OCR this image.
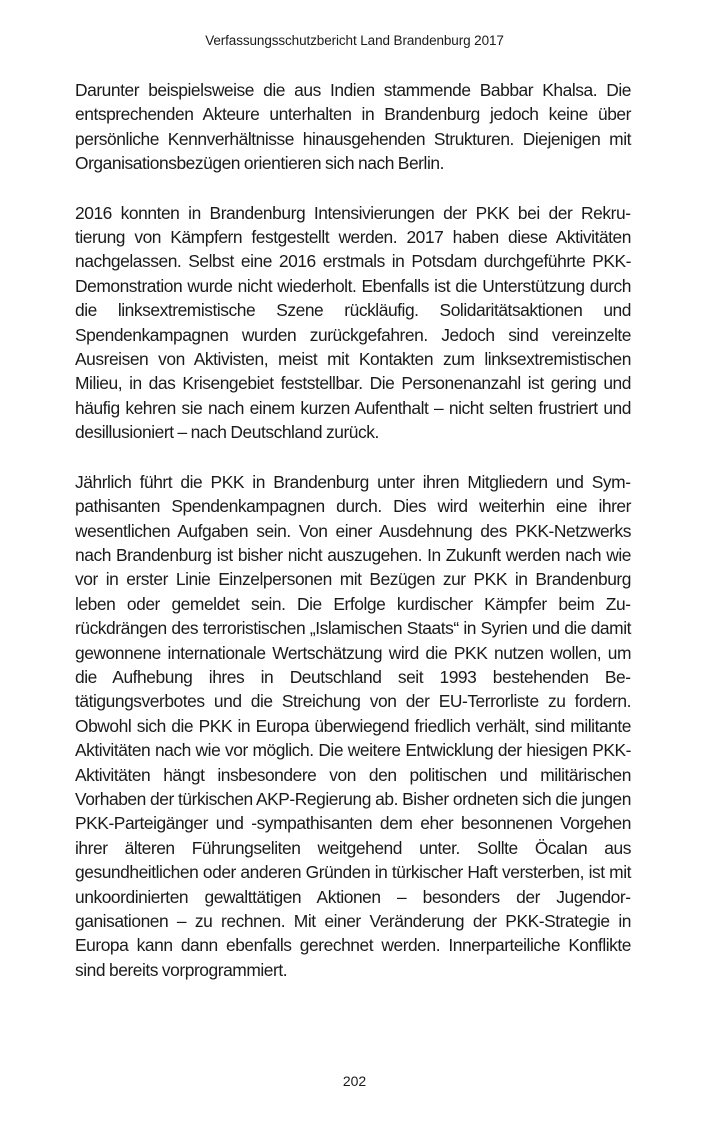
Verfassungsschutzbericht Land Brandenburg 2017

Darunter beispielsweise die aus Indien stammende Babbar Khalsa. Die entsprechenden Akteure unterhalten in Brandenburg jedoch keine über persönliche Kennverhältnisse hinausgehenden Strukturen. Diejenigen mit Organisationsbezügen orientieren sich nach Berlin.

2016 konnten in Brandenburg Intensivierungen der PKK bei der Rekrutierung von Kämpfern festgestellt werden. 2017 haben diese Aktivitäten nachgelassen. Selbst eine 2016 erstmals in Potsdam durchgeführte PKK-Demonstration wurde nicht wiederholt. Ebenfalls ist die Unterstützung durch die linksextremistische Szene rückläufig. Solidaritätsaktionen und Spendenkampagnen wurden zurückgefahren. Jedoch sind vereinzelte Ausreisen von Aktivisten, meist mit Kontakten zum linksextremistischen Milieu, in das Krisengebiet feststellbar. Die Personenanzahl ist gering und häufig kehren sie nach einem kurzen Aufenthalt – nicht selten frustriert und desillusioniert – nach Deutschland zurück.

Jährlich führt die PKK in Brandenburg unter ihren Mitgliedern und Sympathisanten Spendenkampagnen durch. Dies wird weiterhin eine ihrer wesentlichen Aufgaben sein. Von einer Ausdehnung des PKK-Netzwerks nach Brandenburg ist bisher nicht auszugehen. In Zukunft werden nach wie vor in erster Linie Einzelpersonen mit Bezügen zur PKK in Brandenburg leben oder gemeldet sein. Die Erfolge kurdischer Kämpfer beim Zurückdrängen des terroristischen „Islamischen Staats“ in Syrien und die damit gewonnene internationale Wertschätzung wird die PKK nutzen wollen, um die Aufhebung ihres in Deutschland seit 1993 bestehenden Betätigungsverbotes und die Streichung von der EU-Terrorliste zu fordern. Obwohl sich die PKK in Europa überwiegend friedlich verhält, sind militante Aktivitäten nach wie vor möglich. Die weitere Entwicklung der hiesigen PKK-Aktivitäten hängt insbesondere von den politischen und militärischen Vorhaben der türkischen AKP-Regierung ab. Bisher ordneten sich die jungen PKK-Parteigänger und -sympathisanten dem eher besonnenen Vorgehen ihrer älteren Führungseliten weitgehend unter. Sollte Öcalan aus gesundheitlichen oder anderen Gründen in türkischer Haft versterben, ist mit unkoordinierten gewalttätigen Aktionen – besonders der Jugendorganisationen – zu rechnen. Mit einer Veränderung der PKK-Strategie in Europa kann dann ebenfalls gerechnet werden. Innerparteiliche Konflikte sind bereits vorprogrammiert.

202
